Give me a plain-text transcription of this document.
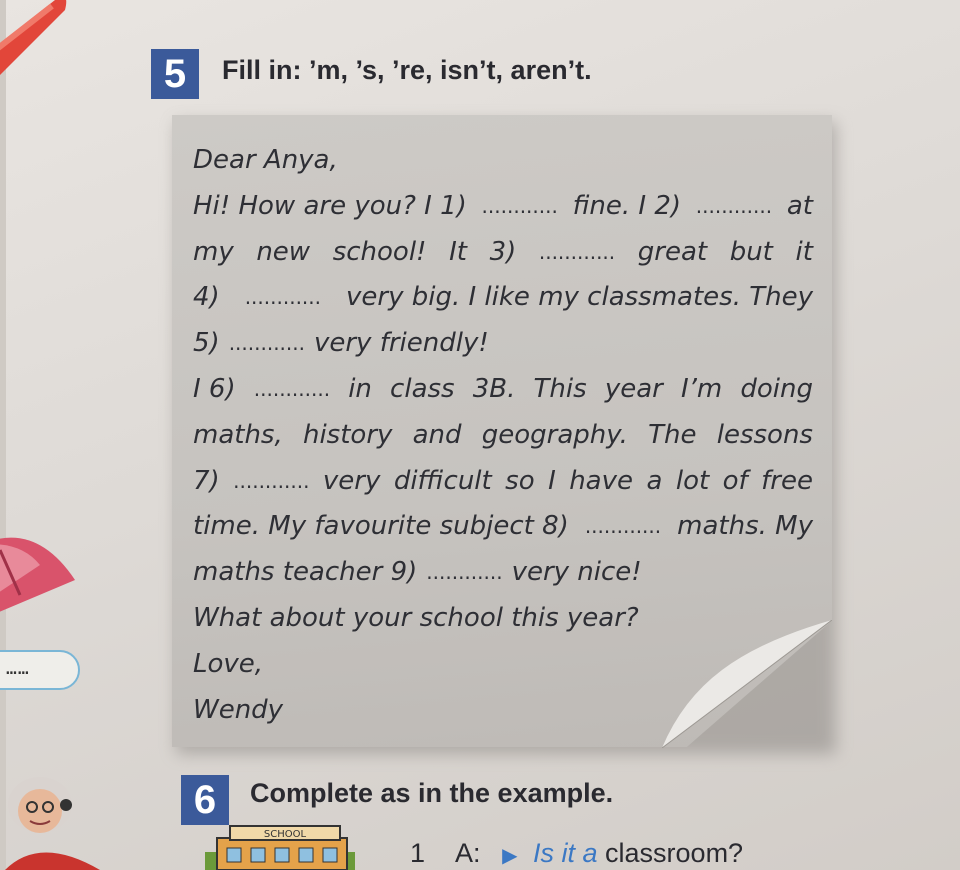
……
SCHOOL
5	Fill in: ’m, ’s, ’re, isn’t, aren’t.
Dear Anya,
Hi! How are you? I 1) ............ fine. I 2) ............ at
my new school! It 3) ............ great but it
4) ............ very big. I like my classmates. They
5) ............ very friendly!
I 6) ............ in class 3B. This year I’m doing
maths, history and geography. The lessons
7) ............ very difficult so I have a lot of free
time. My favourite subject 8) ............ maths. My
maths teacher 9) ............ very nice!
What about your school this year?
Love,
Wendy
6	Complete as in the example.
1 A: ▶ Is it a classroom?
